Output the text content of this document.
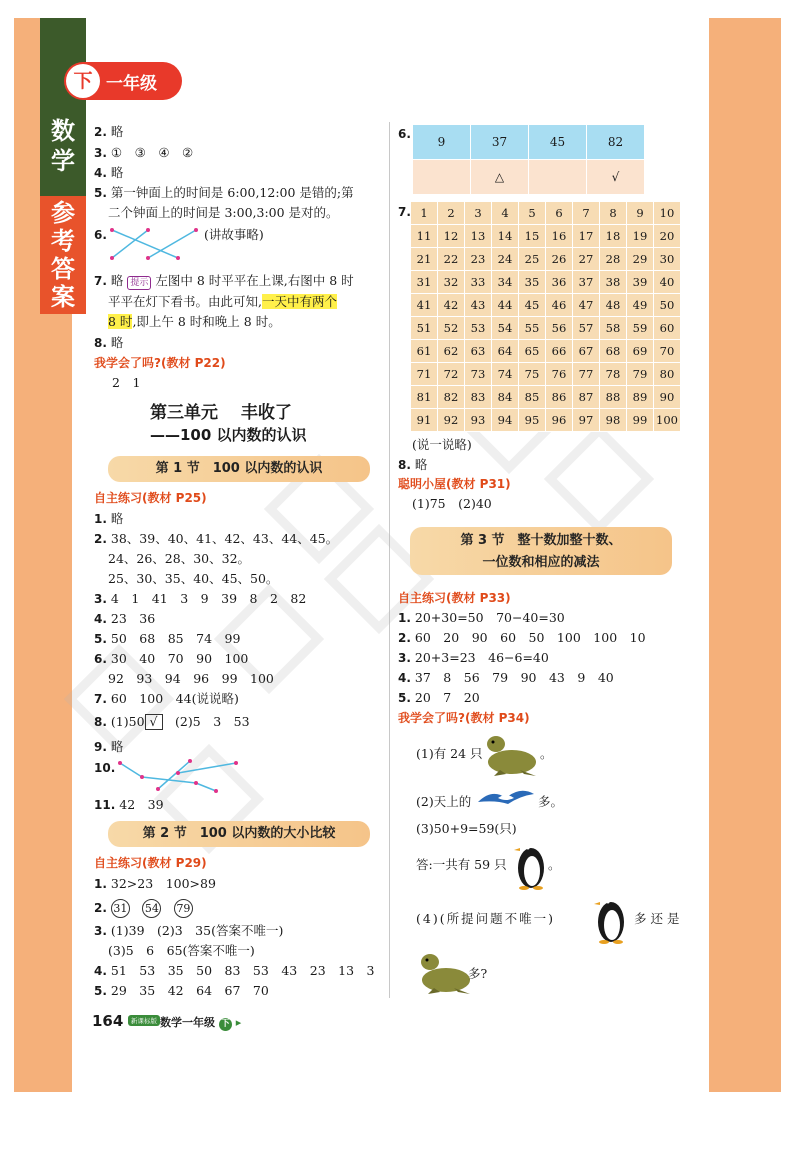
数
学
参
考
答
案
下 一年级
2. 略
3. ①　③　④　②
4. 略
5. 第一钟面上的时间是 6:00,12:00 是错的;第
二个钟面上的时间是 3:00,3:00 是对的。
6.	(讲故事略)
7. 略 提示 左图中 8 时平平在上课,右图中 8 时
平平在灯下看书。由此可知,一天中有两个
8 时,即上午 8 时和晚上 8 时。
8. 略
我学会了吗?(教材 P22)
2　1
第三单元　 丰收了
——100 以内数的认识
第 1 节　100 以内数的认识
自主练习(教材 P25)
1. 略
2. 38、39、40、41、42、43、44、45。
24、26、28、30、32。
25、30、35、40、45、50。
3. 4　1　41　3　9　39　8　2　82
4. 23　36
5. 50　68　85　74　99
6. 30　40　70　90　100
92　93　94　96　99　100
7. 60　100　44(说说略)
8. (1)50 √　 (2)5　3　53
9. 略
10.
11. 42　39
第 2 节　100 以内数的大小比较
自主练习(教材 P29)
1. 32>23　100>89
2. 31　 54　 79
3. (1)39　(2)3　35(答案不唯一)
(3)5　6　65(答案不唯一)
4. 51　53　35　50　83　53　43　23　13　3
5. 29　35　42　64　67　70
6.
9	37	45	82
	△		√
7. 1	2	3	4	5	6	7	8	9	10
11	12	13	14	15	16	17	18	19	20
21	22	23	24	25	26	27	28	29	30
31	32	33	34	35	36	37	38	39	40
41	42	43	44	45	46	47	48	49	50
51	52	53	54	55	56	57	58	59	60
61	62	63	64	65	66	67	68	69	70
71	72	73	74	75	76	77	78	79	80
81	82	83	84	85	86	87	88	89	90
91	92	93	94	95	96	97	98	99	100
(说一说略)
8. 略
聪明小屋(教材 P31)
(1)75　(2)40
第 3 节　整十数加整十数、
一位数和相应的减法
自主练习(教材 P33)
1. 20+30=50　70−40=30
2. 60　20　90　60　50　100　100　10
3. 20+3=23　46−6=40
4. 37　8　56　79　90　43　9　40
5. 20　7　20
我学会了吗?(教材 P34)
(1)有 24 只	。
(2)天上的	多。
(3)50+9=59(只)
答:一共有 59 只	。
(4)(所提问题不唯一)	多还是
多?
164	新课标版 数学一年级 下 ▸
